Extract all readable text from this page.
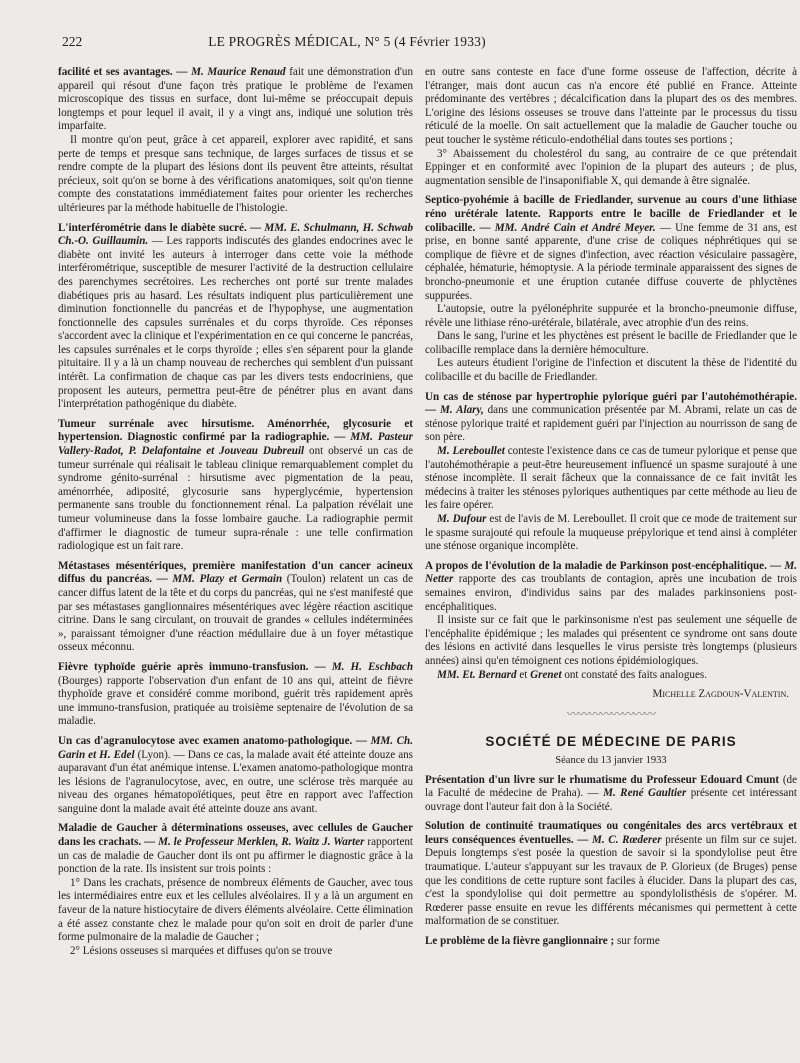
222	LE PROGRÈS MÉDICAL, N° 5 (4 Février 1933)

facilité et ses avantages. — M. Maurice Renaud fait une démonstration d'un appareil qui résout d'une façon très pratique le problème de l'examen microscopique des tissus en surface, dont lui-même se préoccupait depuis longtemps et pour lequel il avait, il y a vingt ans, indiqué une solution très imparfaite.

Il montre qu'on peut, grâce à cet appareil, explorer avec rapidité, et sans perte de temps et presque sans technique, de larges surfaces de tissus et se rendre compte de la plupart des lésions dont ils peuvent être atteints, résultat précieux, soit qu'on se borne à des vérifications anatomiques, soit qu'on tienne compte des constatations immédiatement faites pour orienter les recherches ultérieures par la méthode habituelle de l'histologie.

L'interférométrie dans le diabète sucré. — MM. E. Schulmann, H. Schwab Ch.-O. Guillaumin. — Les rapports indiscutés des glandes endocrines avec le diabète ont invité les auteurs à interroger dans cette voie la méthode interférométrique, susceptible de mesurer l'activité de la destruction cellulaire des parenchymes secrétoires. Les recherches ont porté sur trente malades diabétiques pris au hasard. Les résultats indiquent plus particulièrement une diminution fonctionnelle du pancréas et de l'hypophyse, une augmentation fonctionnelle des capsules surrénales et du corps thyroïde. Ces réponses s'accordent avec la clinique et l'expérimentation en ce qui concerne le pancréas, les capsules surrénales et le corps thyroïde ; elles s'en séparent pour la glande pituitaire. Il y a là un champ nouveau de recherches qui semblent d'un puissant intérêt. La confirmation de chaque cas par les divers tests endocriniens, que proposent les auteurs, permettra peut-être de pénétrer plus en avant dans l'interprétation pathogénique du diabète.

Tumeur surrénale avec hirsutisme. Aménorrhée, glycosurie et hypertension. Diagnostic confirmé par la radiographie. — MM. Pasteur Vallery-Radot, P. Delafontaine et Jouveau Dubreuil ont observé un cas de tumeur surrénale qui réalisait le tableau clinique remarquablement complet du syndrome génito-surrénal : hirsutisme avec pigmentation de la peau, aménorrhée, adiposité, glycosurie sans hyperglycémie, hypertension permanente sans trouble du fonctionnement rénal. La palpation révélait une tumeur volumineuse dans la fosse lombaire gauche. La radiographie permit d'affirmer le diagnostic de tumeur supra-rénale : une telle confirmation radiologique est un fait rare.

Métastases mésentériques, première manifestation d'un cancer acineux diffus du pancréas. — MM. Plazy et Germain (Toulon) relatent un cas de cancer diffus latent de la tête et du corps du pancréas, qui ne s'est manifesté que par ses métastases ganglionnaires mésentériques avec légère réaction ascitique citrine. Dans le sang circulant, on trouvait de grandes « cellules indéterminées », paraissant témoigner d'une réaction médullaire due à un foyer métastique osseux méconnu.

Fièvre typhoïde guérie après immuno-transfusion. — M. H. Eschbach (Bourges) rapporte l'observation d'un enfant de 10 ans qui, atteint de fièvre thyphoïde grave et considéré comme moribond, guérit très rapidement après une immuno-transfusion, pratiquée au troisième septenaire de l'évolution de sa maladie.

Un cas d'agranulocytose avec examen anatomo-pathologique. — MM. Ch. Garin et H. Edel (Lyon). — Dans ce cas, la malade avait été atteinte douze ans auparavant d'un état anémique intense. L'examen anatomo-pathologique montra les lésions de l'agranulocytose, avec, en outre, une sclérose très marquée au niveau des organes hématopoïétiques, peut être en rapport avec l'affection sanguine dont la malade avait été atteinte douze ans avant.

Maladie de Gaucher à déterminations osseuses, avec cellules de Gaucher dans les crachats. — M. le Professeur Merklen, R. Waitz J. Warter rapportent un cas de maladie de Gaucher dont ils ont pu affirmer le diagnostic grâce à la ponction de la rate. Ils insistent sur trois points :

1° Dans les crachats, présence de nombreux éléments de Gaucher, avec tous les intermédiaires entre eux et les cellules alvéolaires. Il y a là un argument en faveur de la nature histiocytaire de divers éléments alvéolaire. Cette élimination a été assez constante chez le malade pour qu'on soit en droit de parler d'une forme pulmonaire de la maladie de Gaucher ;

2° Lésions osseuses si marquées et diffuses qu'on se trouve

en outre sans conteste en face d'une forme osseuse de l'affection, décrite à l'étranger, mais dont aucun cas n'a encore été publié en France. Atteinte prédominante des vertèbres ; décalcification dans la plupart des os des membres. L'origine des lésions osseuses se trouve dans l'atteinte par le processus du tissu réticulé de la moelle. On sait actuellement que la maladie de Gaucher touche ou peut toucher le système réticulo-endothélial dans toutes ses portions ;

3° Abaissement du cholestérol du sang, au contraire de ce que prétendait Eppinger et en conformité avec l'opinion de la plupart des auteurs ; de plus, augmentation sensible de l'insaponifiable X, qui demande à être signalée.

Septico-pyohémie à bacille de Friedlander, survenue au cours d'une lithiase réno urétérale latente. Rapports entre le bacille de Friedlander et le colibacille. — MM. André Cain et André Meyer. — Une femme de 31 ans, est prise, en bonne santé apparente, d'une crise de coliques néphrétiques qui se complique de fièvre et de signes d'infection, avec réaction vésiculaire passagère, céphalée, hématurie, hémoptysie. A la période terminale apparaissent des signes de broncho-pneumonie et une éruption cutanée diffuse couverte de phlyctènes suppurées.

L'autopsie, outre la pyélonéphrite suppurée et la broncho-pneumonie diffuse, révèle une lithiase réno-urétérale, bilatérale, avec atrophie d'un des reins.

Dans le sang, l'urine et les phyctènes est présent le bacille de Friedlander que le colibacille remplace dans la dernière hémoculture.

Les auteurs étudient l'origine de l'infection et discutent la thèse de l'identité du colibacille et du bacille de Friedlander.

Un cas de sténose par hypertrophie pylorique guéri par l'autohémothérapie. — M. Alary, dans une communication présentée par M. Abrami, relate un cas de sténose pylorique traité et rapidement guéri par l'injection au nourrisson de sang de son père.

M. Lereboullet conteste l'existence dans ce cas de tumeur pylorique et pense que l'autohémothérapie a peut-être heureusement influencé un spasme surajouté à une sténose incomplète. Il serait fâcheux que la connaissance de ce fait invitât les médecins à traiter les sténoses pyloriques authentiques par cette méthode au lieu de les faire opérer.

M. Dufour est de l'avis de M. Lereboullet. Il croit que ce mode de traitement sur le spasme surajouté qui refoule la muqueuse prépylorique et tend ainsi à compléter une sténose organique incomplète.

A propos de l'évolution de la maladie de Parkinson post-encéphalitique. — M. Netter rapporte des cas troublants de contagion, après une incubation de trois semaines environ, d'individus sains par des malades parkinsoniens post-encéphalitiques.

Il insiste sur ce fait que le parkinsonisme n'est pas seulement une séquelle de l'encéphalite épidémique ; les malades qui présentent ce syndrome ont sans doute des lésions en activité dans lesquelles le virus persiste très longtemps (plusieurs années) ainsi qu'en témoignent ces notions épidémiologiques.

MM. Et. Bernard et Grenet ont constaté des faits analogues.

Michelle Zagdoun-Valentin.
〰〰〰〰〰〰〰〰
SOCIÉTÉ DE MÉDECINE DE PARIS
Séance du 13 janvier 1933

Présentation d'un livre sur le rhumatisme du Professeur Edouard Cmunt (de la Faculté de médecine de Praha). — M. René Gaultier présente cet intéressant ouvrage dont l'auteur fait don à la Société.

Solution de continuité traumatiques ou congénitales des arcs vertébraux et leurs conséquences éventuelles. — M. C. Rœderer présente un film sur ce sujet. Depuis longtemps s'est posée la question de savoir si la spondylolise peut être traumatique. L'auteur s'appuyant sur les travaux de P. Glorieux (de Bruges) pense que les conditions de cette rupture sont faciles à élucider. Dans la plupart des cas, c'est la spondylolise qui doit permettre au spondylolisthésis de s'opérer. M. Rœderer passe ensuite en revue les différents mécanismes qui permettent à cette malformation de se constituer.

Le problème de la fièvre ganglionnaire ; sur forme
